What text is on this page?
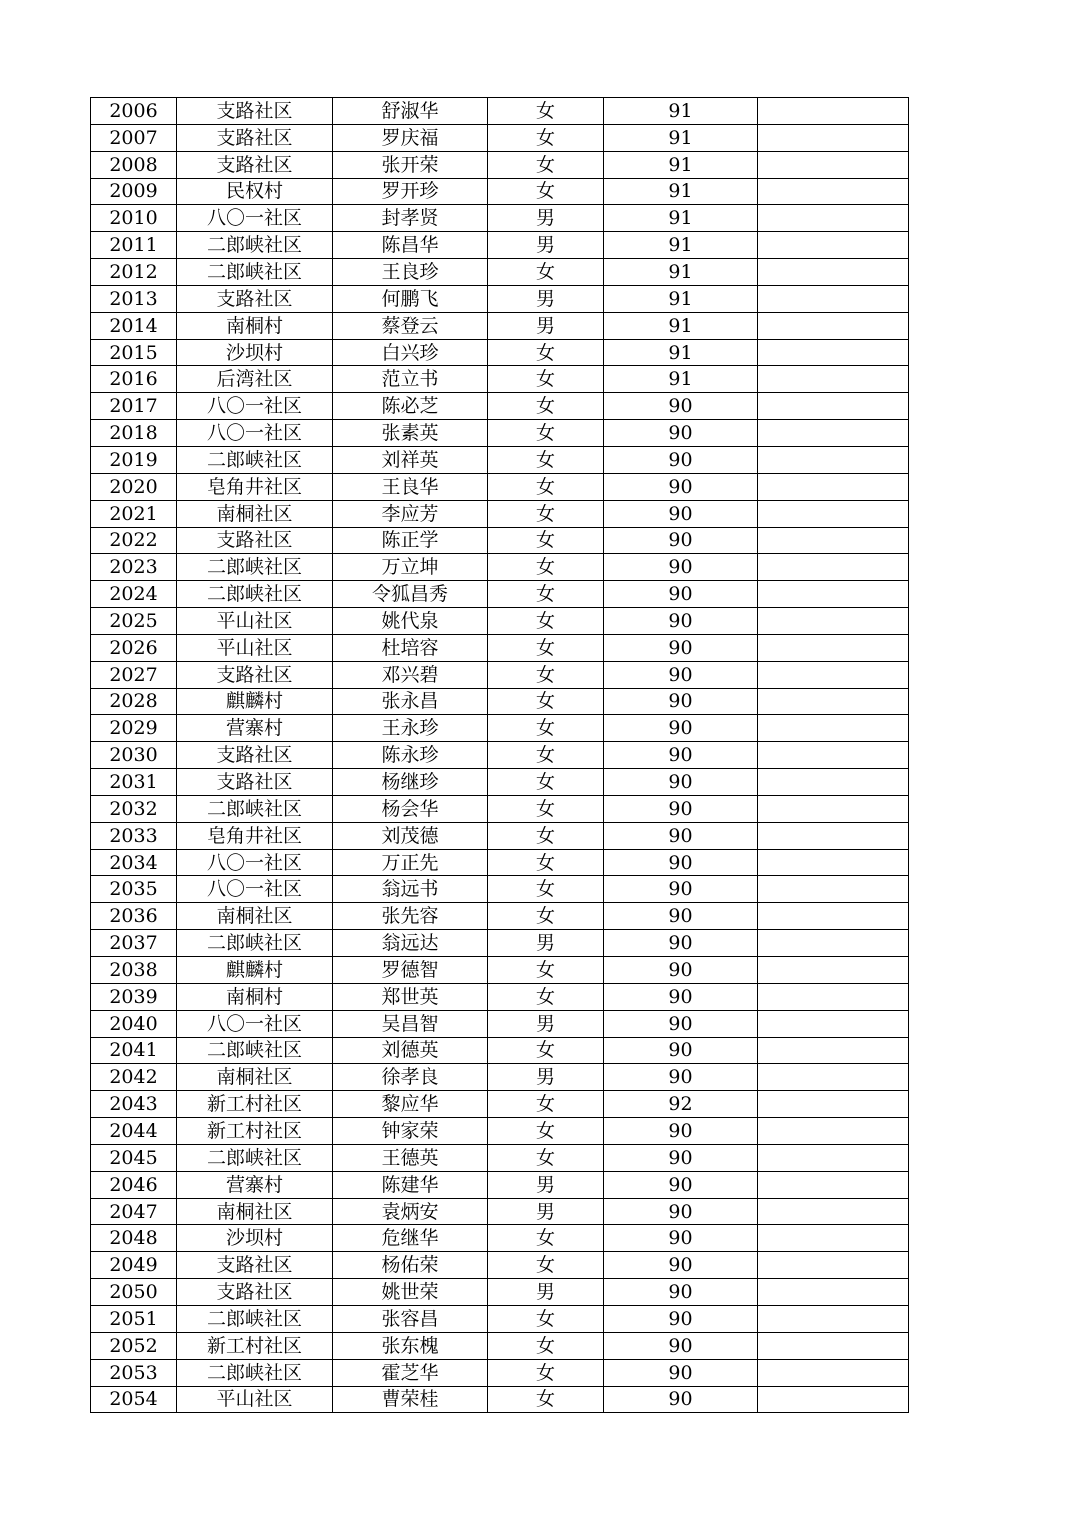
2006	支路社区	舒淑华	女	91	
2007	支路社区	罗庆福	女	91	
2008	支路社区	张开荣	女	91	
2009	民权村	罗开珍	女	91	
2010	八〇一社区	封孝贤	男	91	
2011	二郎峡社区	陈昌华	男	91	
2012	二郎峡社区	王良珍	女	91	
2013	支路社区	何鹏飞	男	91	
2014	南桐村	蔡登云	男	91	
2015	沙坝村	白兴珍	女	91	
2016	后湾社区	范立书	女	91	
2017	八〇一社区	陈必芝	女	90	
2018	八〇一社区	张素英	女	90	
2019	二郎峡社区	刘祥英	女	90	
2020	皂角井社区	王良华	女	90	
2021	南桐社区	李应芳	女	90	
2022	支路社区	陈正学	女	90	
2023	二郎峡社区	万立坤	女	90	
2024	二郎峡社区	令狐昌秀	女	90	
2025	平山社区	姚代泉	女	90	
2026	平山社区	杜培容	女	90	
2027	支路社区	邓兴碧	女	90	
2028	麒麟村	张永昌	女	90	
2029	营寨村	王永珍	女	90	
2030	支路社区	陈永珍	女	90	
2031	支路社区	杨继珍	女	90	
2032	二郎峡社区	杨会华	女	90	
2033	皂角井社区	刘茂德	女	90	
2034	八〇一社区	万正先	女	90	
2035	八〇一社区	翁远书	女	90	
2036	南桐社区	张先容	女	90	
2037	二郎峡社区	翁远达	男	90	
2038	麒麟村	罗德智	女	90	
2039	南桐村	郑世英	女	90	
2040	八〇一社区	吴昌智	男	90	
2041	二郎峡社区	刘德英	女	90	
2042	南桐社区	徐孝良	男	90	
2043	新工村社区	黎应华	女	92	
2044	新工村社区	钟家荣	女	90	
2045	二郎峡社区	王德英	女	90	
2046	营寨村	陈建华	男	90	
2047	南桐社区	袁炳安	男	90	
2048	沙坝村	危继华	女	90	
2049	支路社区	杨佑荣	女	90	
2050	支路社区	姚世荣	男	90	
2051	二郎峡社区	张容昌	女	90	
2052	新工村社区	张东槐	女	90	
2053	二郎峡社区	霍芝华	女	90	
2054	平山社区	曹荣桂	女	90	
